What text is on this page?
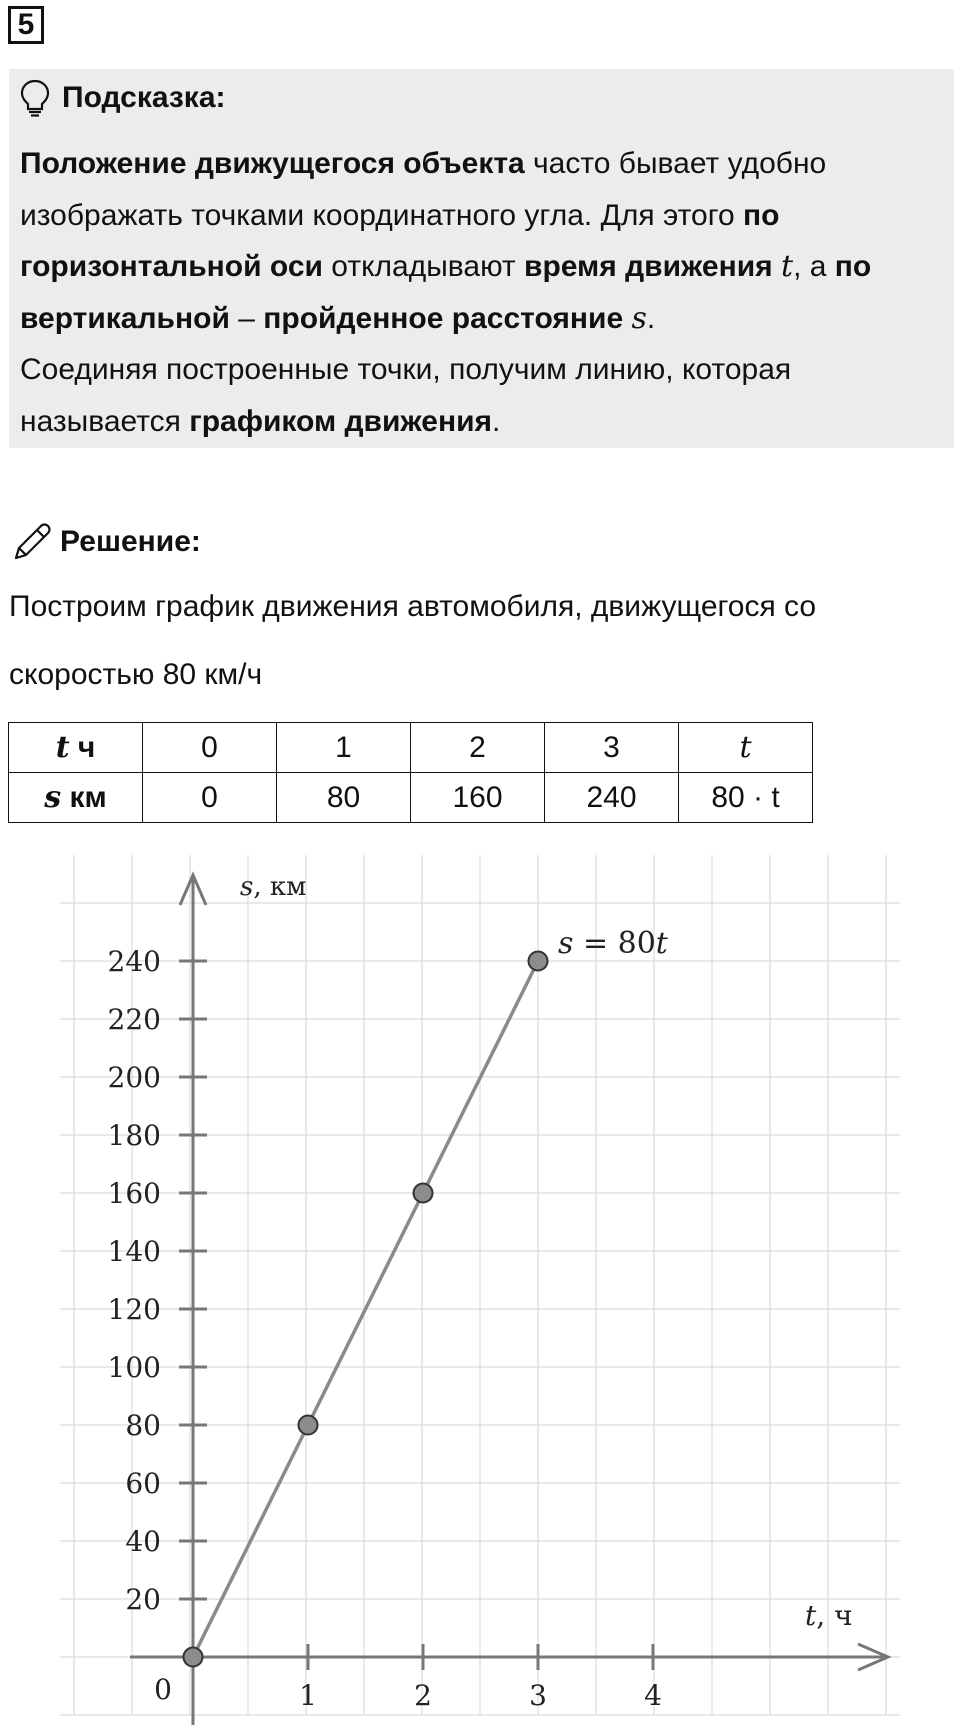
5
Подсказка:
Положение движущегося объекта часто бывает удобно изображать точками координатного угла. Для этого по горизонтальной оси откладывают время движения t, а по вертикальной – пройденное расстояние s.
Соединяя построенные точки, получим линию, которая называется графиком движения.
Решение:
Построим график движения автомобиля, движущегося со
скоростью 80 км/ч
t ч	0	1	2	3	t
s км	0	80	160	240	80 · t
20
40
60
80
100
120
140
160
180
200
220
240
1	2	3	4
0
t, ч
s, км
s = 80t
